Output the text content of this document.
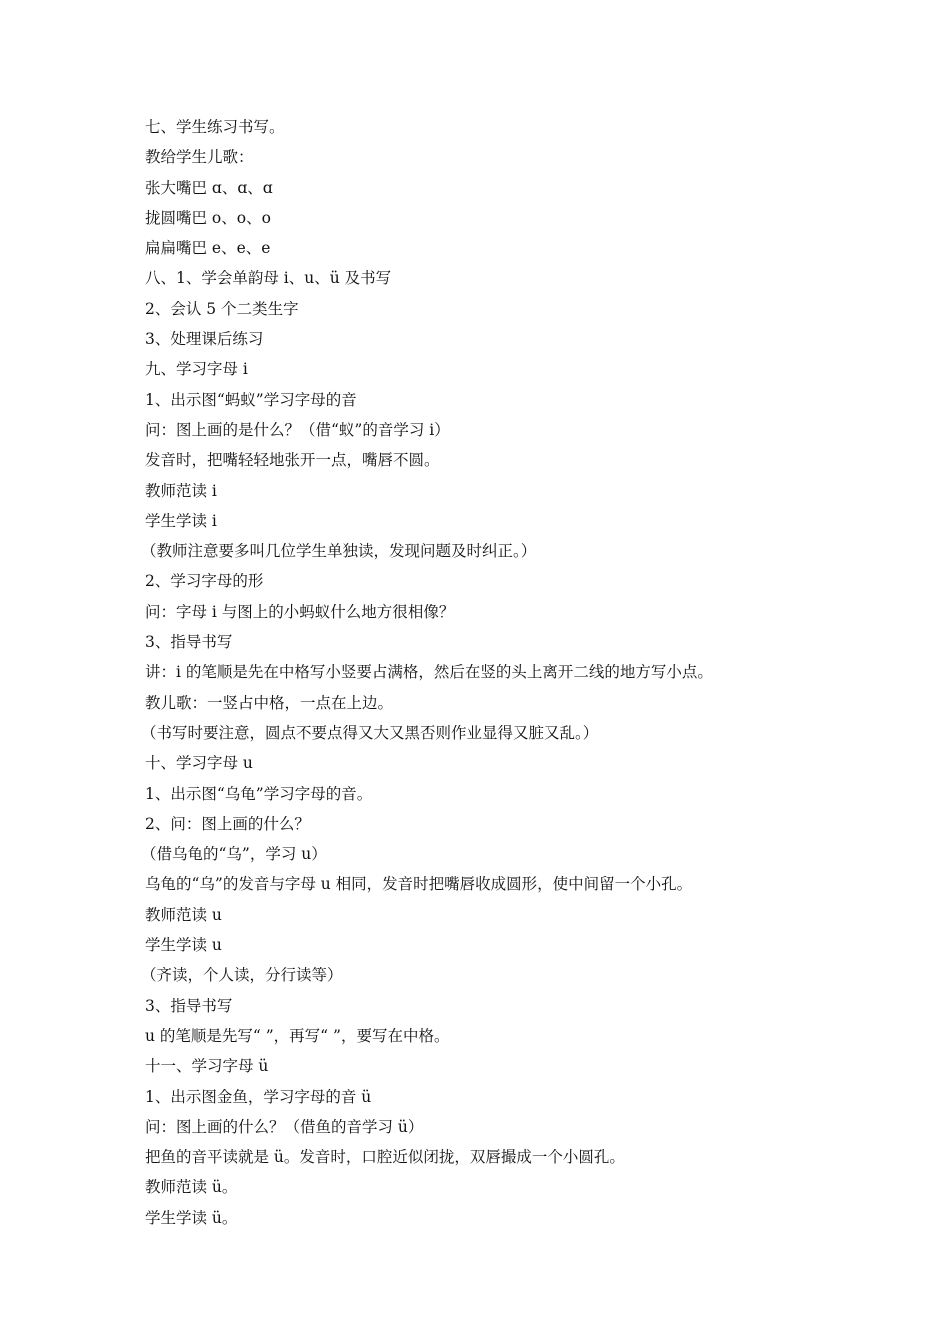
七、学生练习书写。
教给学生儿歌：
张大嘴巴 ɑ、ɑ、ɑ
拢圆嘴巴 o、o、o
扁扁嘴巴 e、e、e
八、1、学会单韵母 i、u、ü 及书写
2、会认 5 个二类生字
3、处理课后练习
九、学习字母 i
1、出示图“蚂蚁”学习字母的音
问：图上画的是什么？（借“蚁”的音学习 i）
发音时，把嘴轻轻地张开一点，嘴唇不圆。
教师范读 i
学生学读 i
（教师注意要多叫几位学生单独读，发现问题及时纠正。）
2、学习字母的形
问：字母 i 与图上的小蚂蚁什么地方很相像？
3、指导书写
讲：i 的笔顺是先在中格写小竖要占满格，然后在竖的头上离开二线的地方写小点。
教儿歌：一竖占中格，一点在上边。
（书写时要注意，圆点不要点得又大又黑否则作业显得又脏又乱。）
十、学习字母 u
1、出示图“乌龟”学习字母的音。
2、问：图上画的什么？
（借乌龟的“乌”，学习 u）
乌龟的“乌”的发音与字母 u 相同，发音时把嘴唇收成圆形，使中间留一个小孔。
教师范读 u
学生学读 u
（齐读，个人读，分行读等）
3、指导书写
u 的笔顺是先写“ ”，再写“ ”，要写在中格。
十一、学习字母 ü
1、出示图金鱼，学习字母的音 ü
问：图上画的什么？（借鱼的音学习 ü）
把鱼的音平读就是 ü。发音时，口腔近似闭拢，双唇撮成一个小圆孔。
教师范读 ü。
学生学读 ü。
